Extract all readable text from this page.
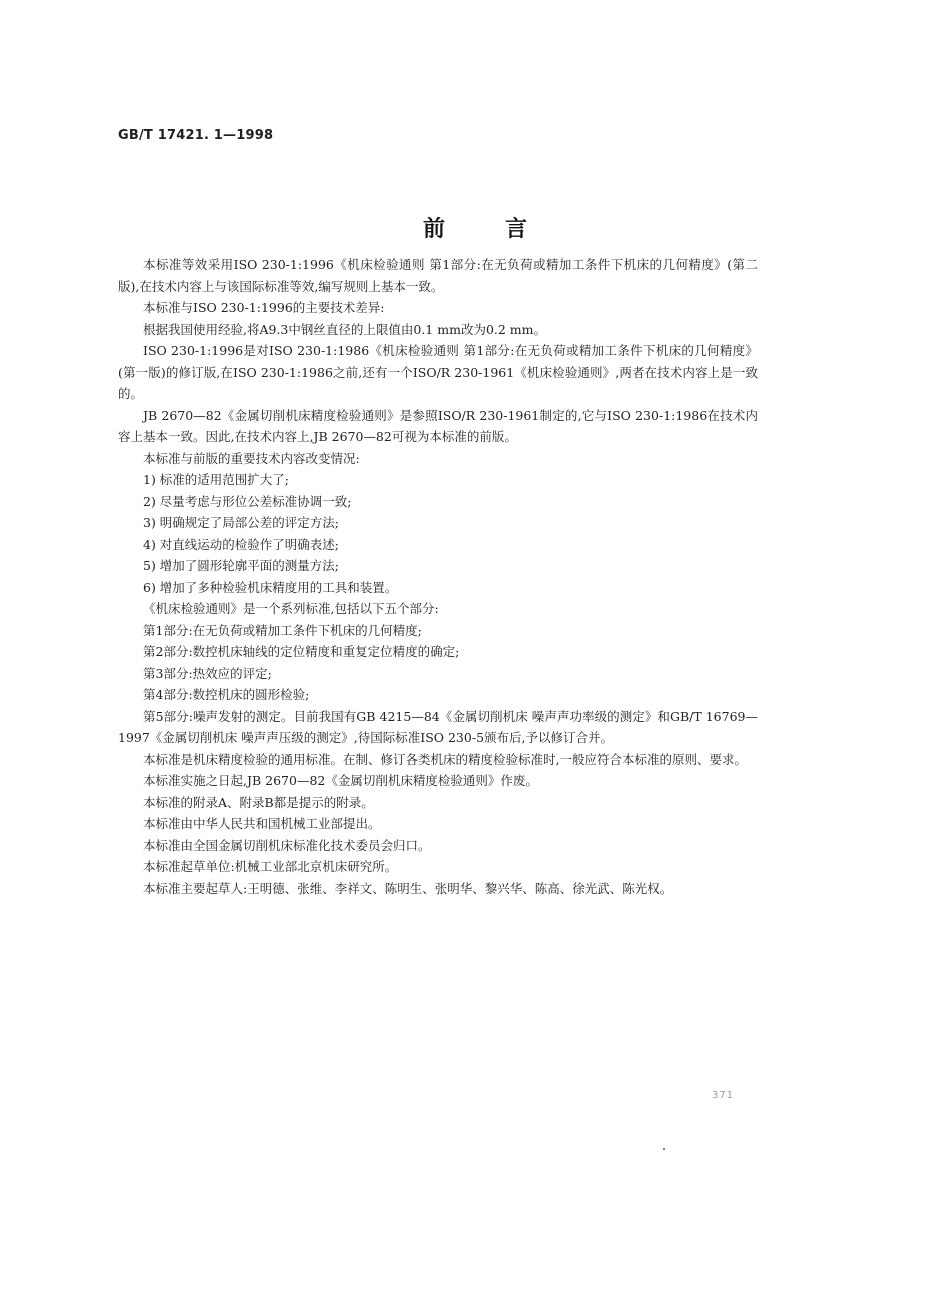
GB/T 17421. 1—1998
前言

本标准等效采用ISO 230-1:1996《机床检验通则 第1部分:在无负荷或精加工条件下机床的几何精度》(第二版),在技术内容上与该国际标准等效,编写规则上基本一致。

本标准与ISO 230-1:1996的主要技术差异:

根据我国使用经验,将A9.3中钢丝直径的上限值由0.1 mm改为0.2 mm。

ISO 230-1:1996是对ISO 230-1:1986《机床检验通则 第1部分:在无负荷或精加工条件下机床的几何精度》(第一版)的修订版,在ISO 230-1:1986之前,还有一个ISO/R 230-1961《机床检验通则》,两者在技术内容上是一致的。

JB 2670—82《金属切削机床精度检验通则》是参照ISO/R 230-1961制定的,它与ISO 230-1:1986在技术内容上基本一致。因此,在技术内容上,JB 2670—82可视为本标准的前版。

本标准与前版的重要技术内容改变情况:

1) 标准的适用范围扩大了;

2) 尽量考虑与形位公差标准协调一致;

3) 明确规定了局部公差的评定方法;

4) 对直线运动的检验作了明确表述;

5) 增加了圆形轮廓平面的测量方法;

6) 增加了多种检验机床精度用的工具和装置。

《机床检验通则》是一个系列标准,包括以下五个部分:

第1部分:在无负荷或精加工条件下机床的几何精度;

第2部分:数控机床轴线的定位精度和重复定位精度的确定;

第3部分:热效应的评定;

第4部分:数控机床的圆形检验;

第5部分:噪声发射的测定。目前我国有GB 4215—84《金属切削机床 噪声声功率级的测定》和GB/T 16769—1997《金属切削机床 噪声声压级的测定》,待国际标准ISO 230-5颁布后,予以修订合并。

本标准是机床精度检验的通用标准。在制、修订各类机床的精度检验标准时,一般应符合本标准的原则、要求。

本标准实施之日起,JB 2670—82《金属切削机床精度检验通则》作废。

本标准的附录A、附录B都是提示的附录。

本标准由中华人民共和国机械工业部提出。

本标准由全国金属切削机床标准化技术委员会归口。

本标准起草单位:机械工业部北京机床研究所。

本标准主要起草人:王明德、张维、李祥文、陈明生、张明华、黎兴华、陈高、徐光武、陈光权。

371
